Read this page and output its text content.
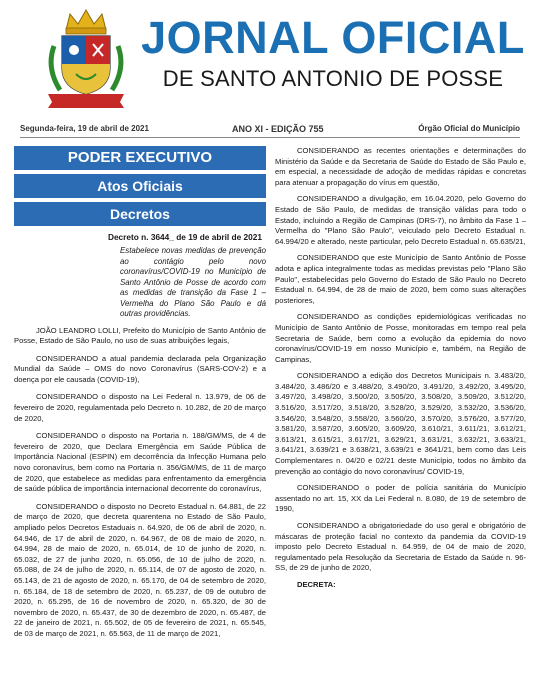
JORNAL OFICIAL
DE SANTO ANTONIO DE POSSE
Segunda-feira, 19 de abril de 2021	ANO XI - EDIÇÃO 755	Órgão Oficial do Município
PODER EXECUTIVO
Atos Oficiais
Decretos
Decreto n. 3644_ de 19 de abril de 2021
Estabelece novas medidas de prevenção ao contágio pelo novo coronavírus/COVID-19 no Município de Santo Antônio de Posse de acordo com as medidas de transição da Fase 1 – Vermelha do Plano São Paulo e dá outras providências.

JOÃO LEANDRO LOLLI, Prefeito do Município de Santo Antônio de Posse, Estado de São Paulo, no uso de suas atribuições legais,

CONSIDERANDO a atual pandemia declarada pela Organização Mundial da Saúde – OMS do novo Coronavírus (SARS-COV-2) e a doença por ele causada (COVID-19),

CONSIDERANDO o disposto na Lei Federal n. 13.979, de 06 de fevereiro de 2020, regulamentada pelo Decreto n. 10.282, de 20 de março de 2020,

CONSIDERANDO o disposto na Portaria n. 188/GM/MS, de 4 de fevereiro de 2020, que Declara Emergência em Saúde Pública de Importância Nacional (ESPIN) em decorrência da Infecção Humana pelo novo coronavírus, bem como na Portaria n. 356/GM/MS, de 11 de março de 2020, que estabelece as medidas para enfrentamento da emergência de saúde pública de importância internacional decorrente do coronavírus,

CONSIDERANDO o disposto no Decreto Estadual n. 64.881, de 22 de março de 2020, que decreta quarentena no Estado de São Paulo, ampliado pelos Decretos Estaduais n. 64.920, de 06 de abril de 2020, n. 64.946, de 17 de abril de 2020, n. 64.967, de 08 de maio de 2020, n. 64.994, 28 de maio de 2020, n. 65.014, de 10 de junho de 2020, n. 65.032, de 27 de junho 2020, n. 65.056, de 10 de julho de 2020, n. 65.088, de 24 de julho de 2020, n. 65.114, de 07 de agosto de 2020, n. 65.143, de 21 de agosto de 2020, n. 65.170, de 04 de setembro de 2020, n. 65.184, de 18 de setembro de 2020, n. 65.237, de 09 de outubro de 2020, n. 65.295, de 16 de novembro de 2020, n. 65.320, de 30 de novembro de 2020, n. 65.437, de 30 de dezembro de 2020, n. 65.487, de 22 de janeiro de 2021, n. 65.502, de 05 de fevereiro de 2021, n. 65.545, de 03 de março de 2021, n. 65.563, de 11 de março de 2021,

CONSIDERANDO as recentes orientações e determinações do Ministério da Saúde e da Secretaria de Saúde do Estado de São Paulo e, em especial, a necessidade de adoção de medidas rápidas e concretas para atenuar a propagação do vírus em questão,

CONSIDERANDO a divulgação, em 16.04.2020, pelo Governo do Estado de São Paulo, de medidas de transição válidas para todo o Estado, incluindo a Região de Campinas (DRS-7), no âmbito da Fase 1 – Vermelha do "Plano São Paulo", veiculado pelo Decreto Estadual n. 64.994/20 e alterado, neste particular, pelo Decreto Estadual n. 65.635/21,

CONSIDERANDO que este Município de Santo Antônio de Posse adota e aplica integralmente todas as medidas previstas pelo "Plano São Paulo", estabelecidas pelo Governo do Estado de São Paulo no Decreto Estadual n. 64.994, de 28 de maio de 2020, bem como suas alterações posteriores,

CONSIDERANDO as condições epidemiológicas verificadas no Município de Santo Antônio de Posse, monitoradas em tempo real pela Secretaria de Saúde, bem como a evolução da epidemia do novo coronavírus/COVID-19 em nosso Município e, também, na Região de Campinas,

CONSIDERANDO a edição dos Decretos Municipais n. 3.483/20, 3.484/20, 3.486/20 e 3.488/20, 3.490/20, 3.491/20, 3.492/20, 3.495/20, 3.497/20, 3.498/20, 3.500/20, 3.505/20, 3.508/20, 3.509/20, 3.512/20, 3.516/20, 3.517/20, 3.518/20, 3.528/20, 3.529/20, 3.532/20, 3.536/20, 3.546/20, 3.548/20, 3.558/20, 3.560/20, 3.570/20, 3.576/20, 3.577/20, 3.581/20, 3.587/20, 3.605/20, 3.609/20, 3.610/21, 3.611/21, 3.612/21, 3.613/21, 3.615/21, 3.617/21, 3.629/21, 3.631/21, 3.632/21, 3.633/21, 3.641/21, 3.639/21 e 3.638/21, 3.639/21 e 3641/21, bem como das Leis Complementares n. 04/20 e 02/21 deste Município, todos no âmbito da prevenção ao contágio do novo coronavírus/ COVID-19,

CONSIDERANDO o poder de polícia sanitária do Município assentado no art. 15, XX da Lei Federal n. 8.080, de 19 de setembro de 1990,

CONSIDERANDO a obrigatoriedade do uso geral e obrigatório de máscaras de proteção facial no contexto da pandemia da COVID-19 imposto pelo Decreto Estadual n. 64.959, de 04 de maio de 2020, regulamentado pela Resolução da Secretaria de Estado da Saúde n. 96-SS, de 29 de junho de 2020,

DECRETA:
